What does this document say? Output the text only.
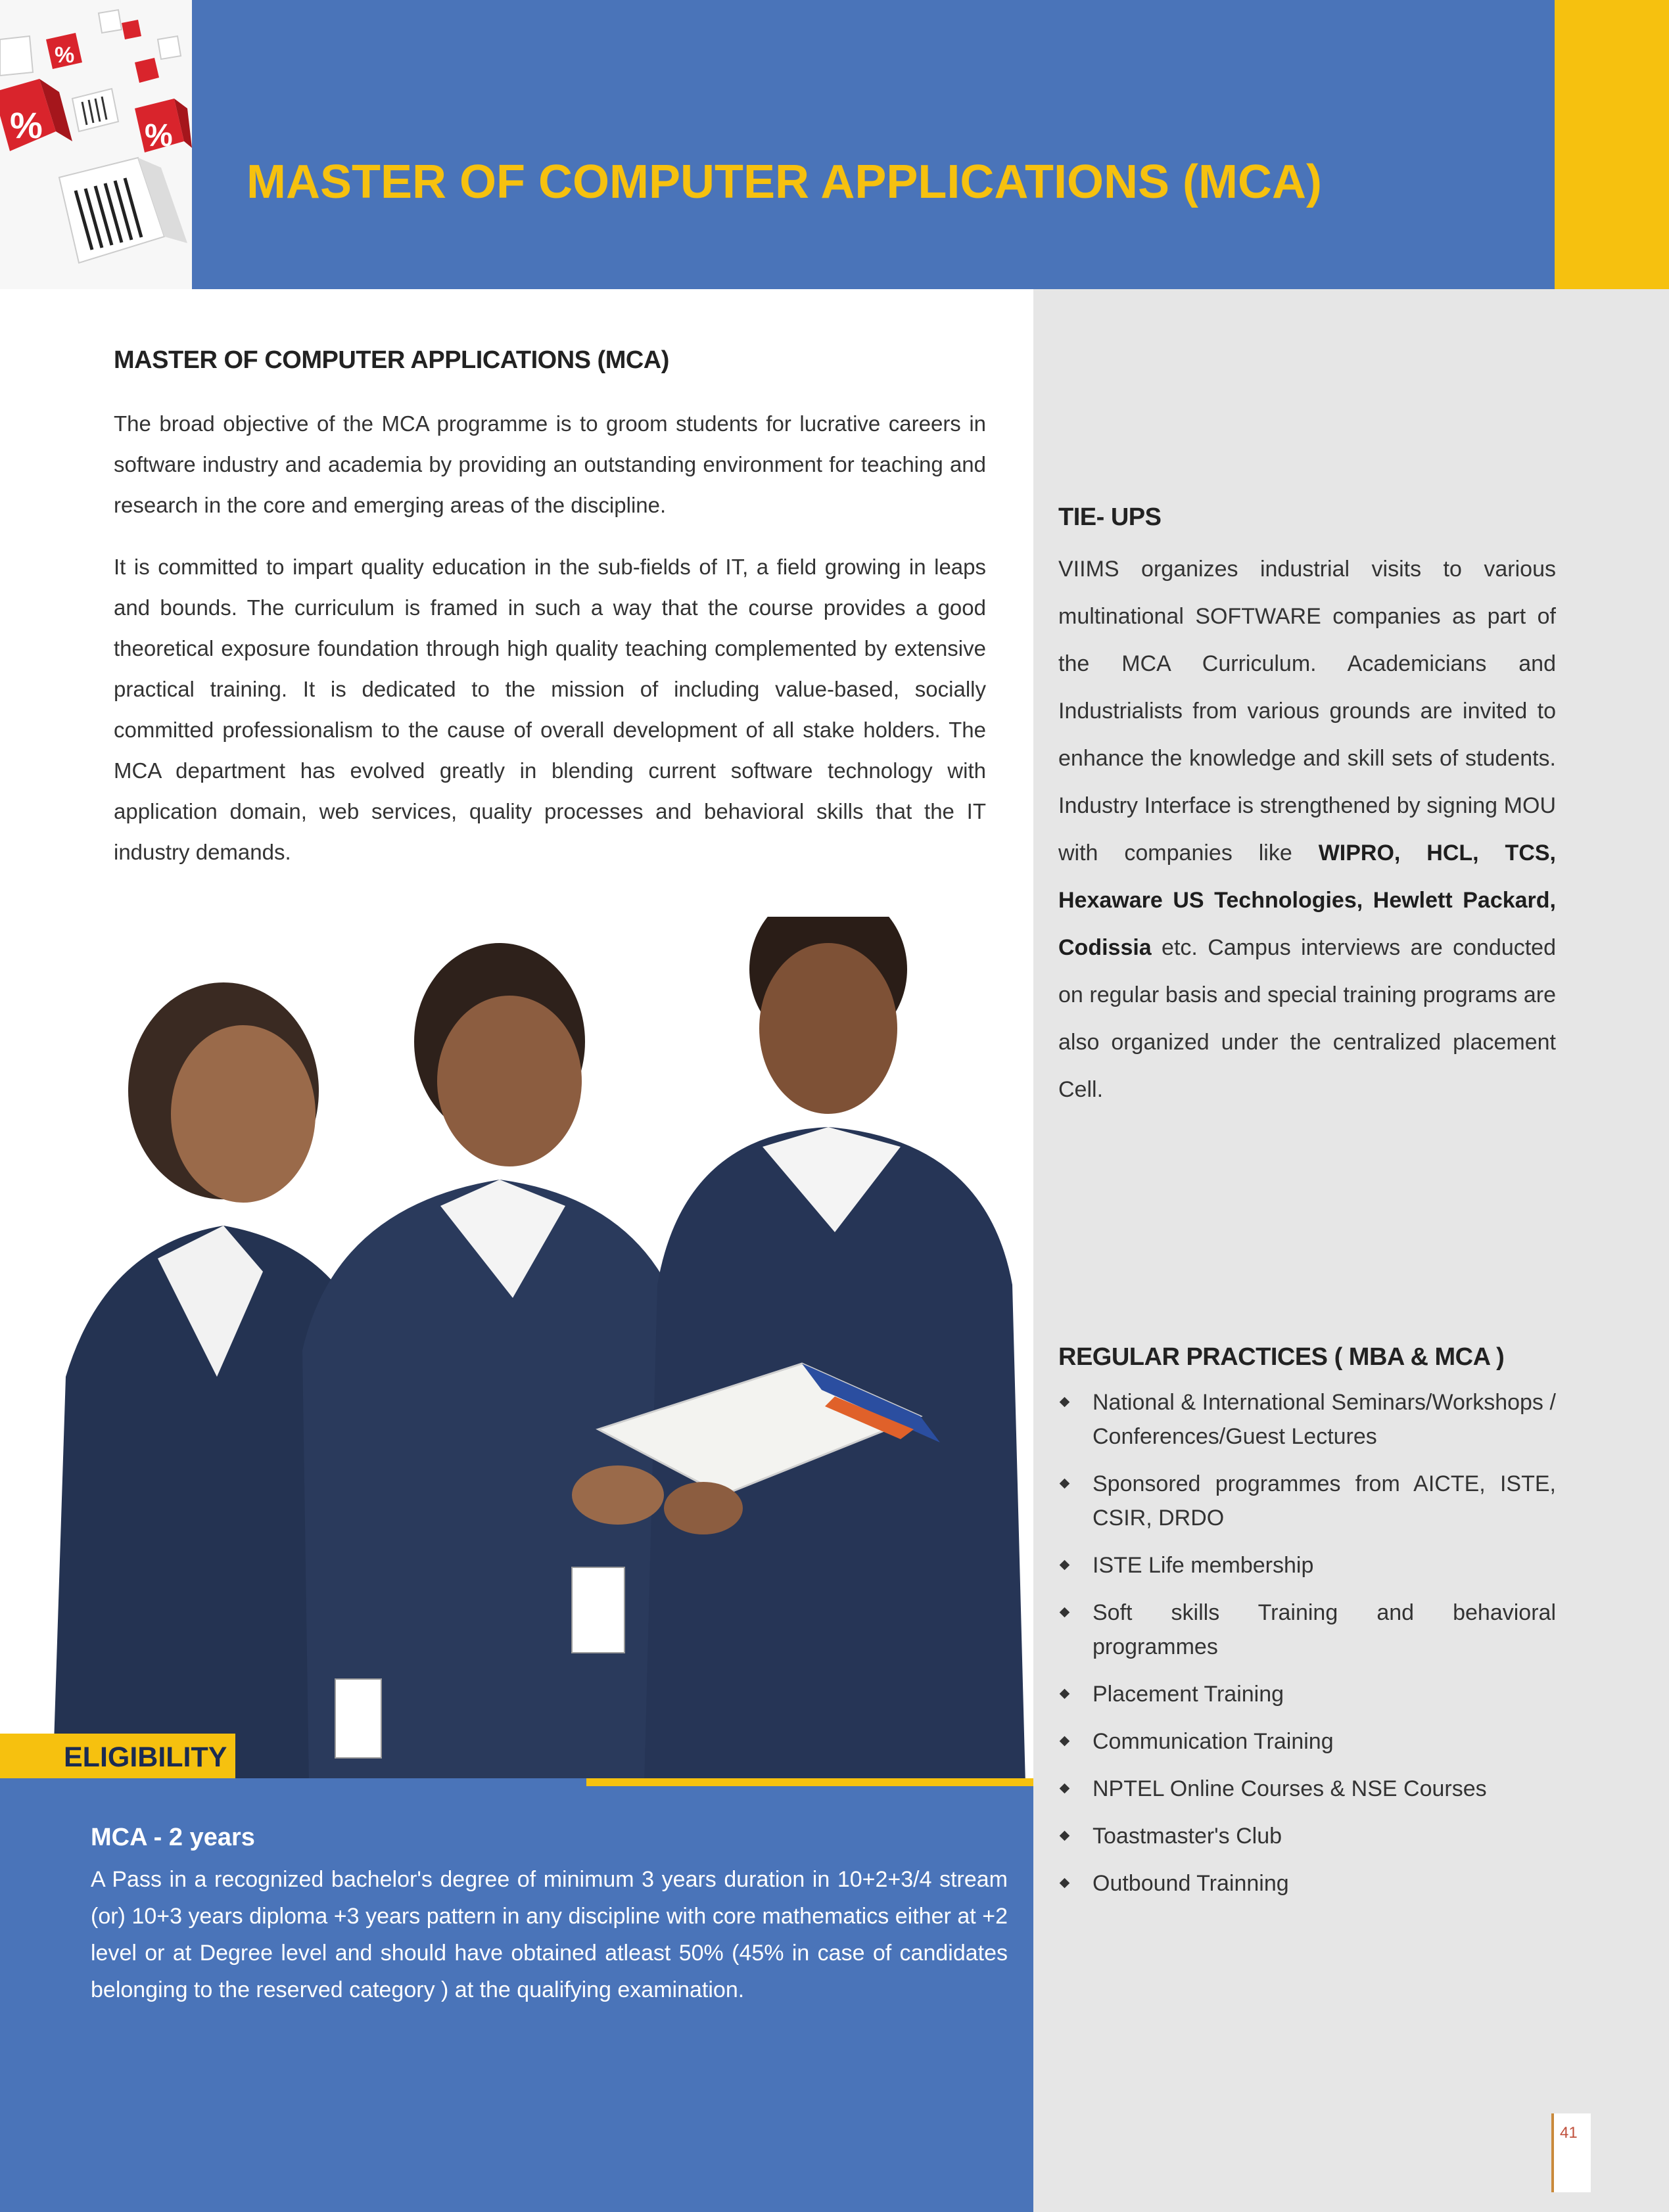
%
%
%
MASTER OF COMPUTER APPLICATIONS (MCA)
MASTER OF COMPUTER APPLICATIONS (MCA)
The broad objective of the MCA programme is to groom students for lucrative careers in software industry and academia by providing an outstanding environment for teaching and research in the core and emerging areas of the discipline.
It is committed to impart quality education in the sub-fields of IT, a field growing in leaps and bounds. The curriculum is framed in such a way that the course provides a good theoretical exposure foundation through high quality teaching complemented by extensive practical training. It is dedicated to the mission of including value-based, socially committed professionalism to the cause of overall development of all stake holders. The MCA department has evolved greatly in blending current software technology with application domain, web services, quality processes and behavioral skills that the IT industry demands.
TIE- UPS
VIIMS organizes industrial visits to various multinational SOFTWARE companies as part of the MCA Curriculum. Academicians and Industrialists from various grounds are invited to enhance the knowledge and skill sets of students. Industry Interface is strengthened by signing MOU with companies like WIPRO, HCL, TCS, Hexaware US Technologies, Hewlett Packard, Codissia etc. Campus interviews are conducted on regular basis and special training programs are also organized under the centralized placement Cell.
REGULAR PRACTICES ( MBA & MCA )
National & International Seminars/Workshops / Conferences/Guest Lectures
Sponsored programmes from AICTE, ISTE, CSIR, DRDO
ISTE Life membership
Soft skills Training and behavioral programmes
Placement Training
Communication Training
NPTEL Online Courses & NSE Courses
Toastmaster's Club
Outbound Trainning
ELIGIBILITY
MCA - 2 years
A Pass in a recognized bachelor's degree of minimum 3 years duration in 10+2+3/4 stream (or) 10+3 years diploma +3 years pattern in any discipline with core mathematics either at +2 level or at Degree level and should have obtained atleast 50% (45% in case of candidates belonging to the reserved category ) at the qualifying examination.
41
